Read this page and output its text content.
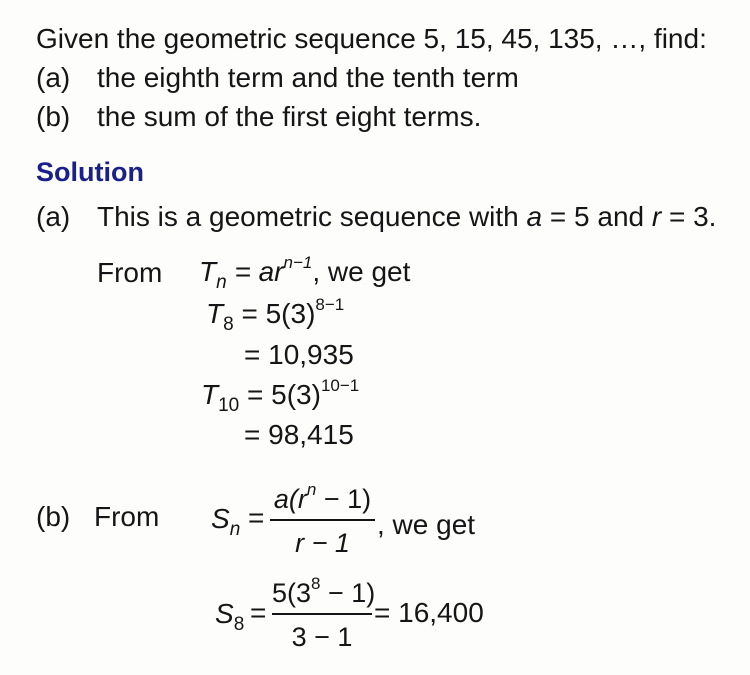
Given the geometric sequence 5, 15, 45, 135, …, find:
(a) the eighth term and the tenth term
(b) the sum of the first eight terms.
Solution
(a) This is a geometric sequence with a = 5 and r = 3.
From $T_n = ar^{n-1}$, we get
$T_8 = 5(3)^{8-1}$
= 10,935
$T_{10} = 5(3)^{10-1}$
= 98,415
(b) From $S_n$ =
$a(r^n - 1)$
r − 1
, we get
$S_8$ =
$5(3^8 - 1)$
3 − 1
= 16,400
